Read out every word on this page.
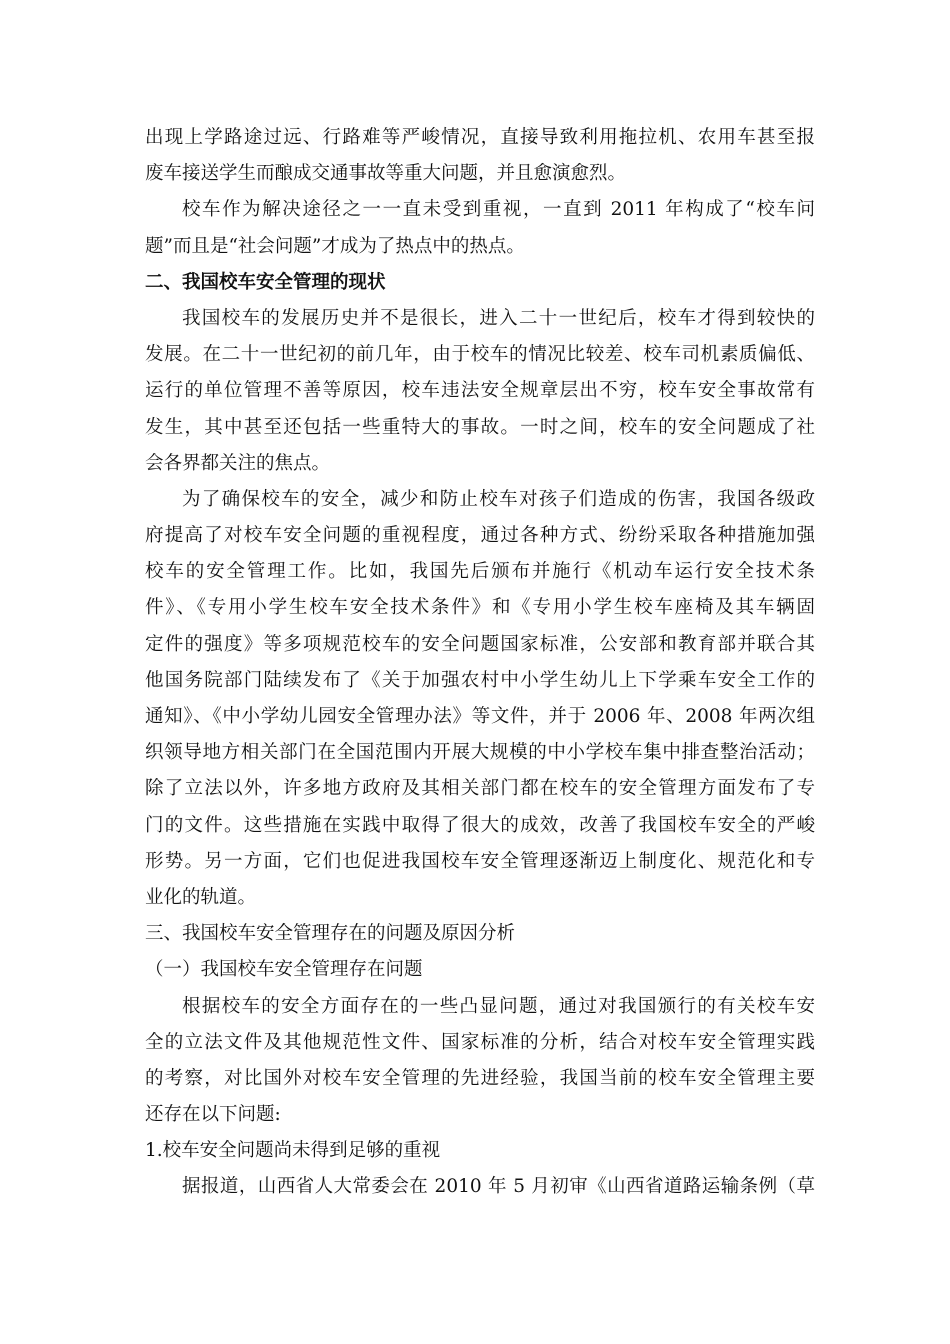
出现上学路途过远、行路难等严峻情况，直接导致利用拖拉机、农用车甚至报
废车接送学生而酿成交通事故等重大问题，并且愈演愈烈。
校车作为解决途径之一一直未受到重视，一直到 2011 年构成了“校车问
题”而且是“社会问题”才成为了热点中的热点。
二、我国校车安全管理的现状
我国校车的发展历史并不是很长，进入二十一世纪后，校车才得到较快的
发展。在二十一世纪初的前几年，由于校车的情况比较差、校车司机素质偏低、
运行的单位管理不善等原因，校车违法安全规章层出不穷，校车安全事故常有
发生，其中甚至还包括一些重特大的事故。一时之间，校车的安全问题成了社
会各界都关注的焦点。
为了确保校车的安全，减少和防止校车对孩子们造成的伤害，我国各级政
府提高了对校车安全问题的重视程度，通过各种方式、纷纷采取各种措施加强
校车的安全管理工作。比如，我国先后颁布并施行《机动车运行安全技术条
件》、《专用小学生校车安全技术条件》和《专用小学生校车座椅及其车辆固
定件的强度》等多项规范校车的安全问题国家标准，公安部和教育部并联合其
他国务院部门陆续发布了《关于加强农村中小学生幼儿上下学乘车安全工作的
通知》、《中小学幼儿园安全管理办法》等文件，并于 2006 年、2008 年两次组
织领导地方相关部门在全国范围内开展大规模的中小学校车集中排查整治活动；
除了立法以外，许多地方政府及其相关部门都在校车的安全管理方面发布了专
门的文件。这些措施在实践中取得了很大的成效，改善了我国校车安全的严峻
形势。另一方面，它们也促进我国校车安全管理逐渐迈上制度化、规范化和专
业化的轨道。
三、我国校车安全管理存在的问题及原因分析
（一）我国校车安全管理存在问题
根据校车的安全方面存在的一些凸显问题，通过对我国颁行的有关校车安
全的立法文件及其他规范性文件、国家标准的分析，结合对校车安全管理实践
的考察，对比国外对校车安全管理的先进经验，我国当前的校车安全管理主要
还存在以下问题:
1.校车安全问题尚未得到足够的重视
据报道，山西省人大常委会在 2010 年 5 月初审《山西省道路运输条例（草
